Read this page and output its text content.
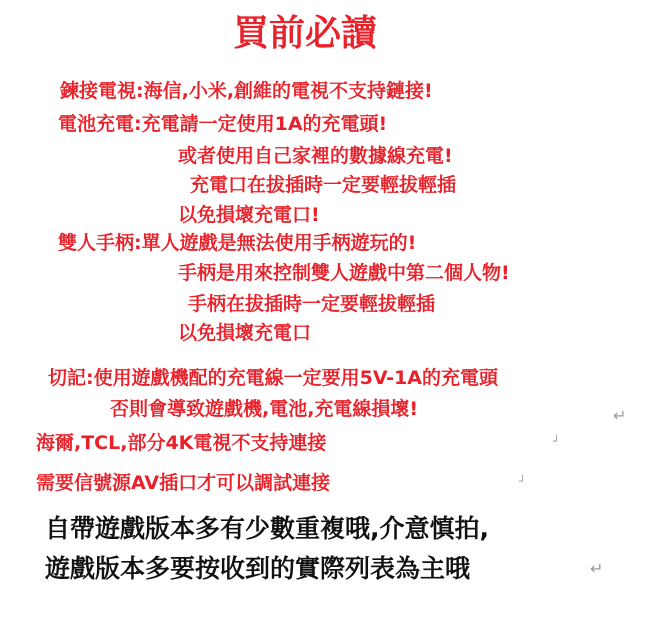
買前必讀
鍊接電視:海信,小米,創維的電視不支持鏈接!
電池充電:充電請一定使用1A的充電頭!
或者使用自己家裡的數據線充電!
充電口在拔插時一定要輕拔輕插
以免損壞充電口!
雙人手柄:單人遊戲是無法使用手柄遊玩的!
手柄是用來控制雙人遊戲中第二個人物!
手柄在拔插時一定要輕拔輕插
以免損壞充電口
切記:使用遊戲機配的充電線一定要用5V-1A的充電頭
否則會導致遊戲機,電池,充電線損壞!	↵
海爾,TCL,部分4K電視不支持連接	┘
需要信號源AV插口才可以調試連接	┘
自帶遊戲版本多有少數重複哦,介意慎拍,
遊戲版本多要按收到的實際列表為主哦	↵
